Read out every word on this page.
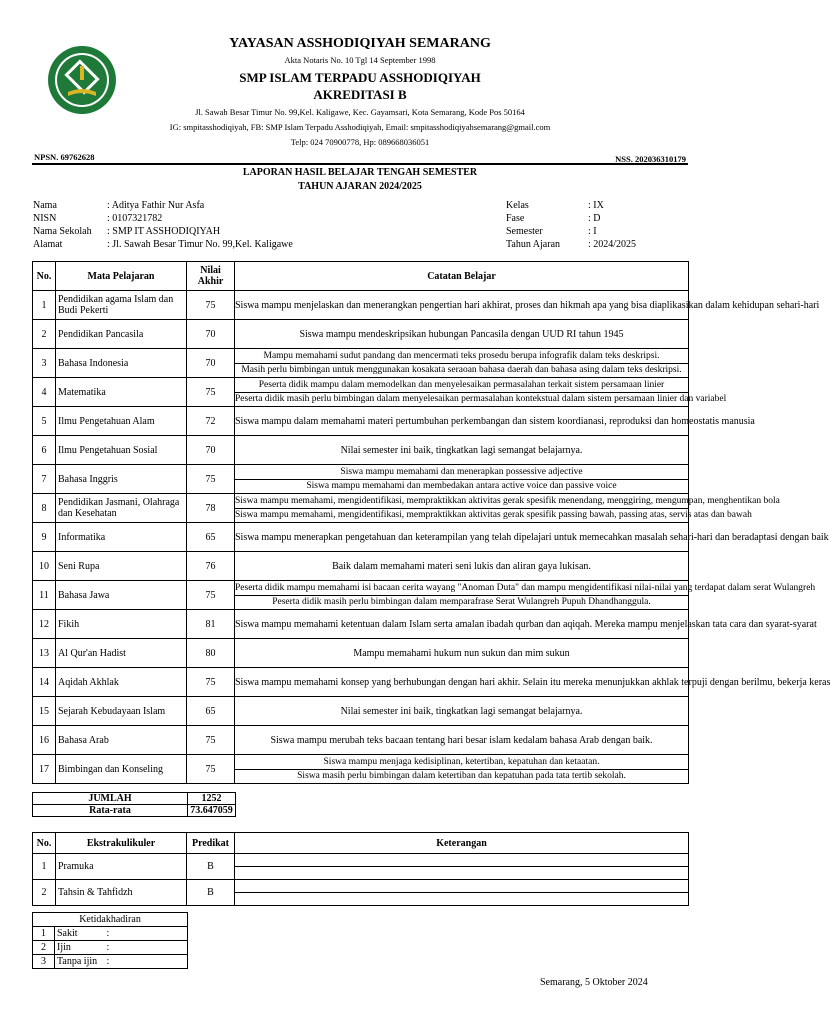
YAYASAN ASSHODIQIYAH SEMARANG
Akta Notaris No. 10 Tgl 14 September 1998
SMP ISLAM TERPADU ASSHODIQIYAH
AKREDITASI B
Jl. Sawah Besar Timur No. 99,Kel. Kaligawe, Kec. Gayamsari, Kota Semarang, Kode Pos 50164
IG: smpitasshodiqiyah, FB: SMP Islam Terpadu Asshodiqiyah, Email: smpitasshodiqiyahsemarang@gmail.com
Telp: 024 70900778, Hp: 089668036051
NPSN. 69762628	NSS. 202036310179
LAPORAN HASIL BELAJAR TENGAH SEMESTER
TAHUN AJARAN 2024/2025
Nama	: Aditya Fathir Nur Asfa
NISN	: 0107321782
Nama Sekolah : SMP IT ASSHODIQIYAH
Alamat	: Jl. Sawah Besar Timur No. 99,Kel. Kaligawe
Kelas	: IX
Fase	: D
Semester	: I
Tahun Ajaran	: 2024/2025
No.	Mata Pelajaran	Nilai Akhir	Catatan Belajar
1	Pendidikan agama Islam dan Budi Pekerti	75	Siswa mampu menjelaskan dan menerangkan pengertian hari akhirat, proses dan hikmah apa yang bisa diaplikasikan dalam kehidupan sehari-hari

2	Pendidikan Pancasila	70	Siswa mampu mendeskripsikan hubungan Pancasila dengan UUD RI tahun 1945

3	Bahasa Indonesia	70	Mampu memahami sudut pandang dan mencermati teks prosedu berupa infografik dalam teks deskripsi.
Masih perlu bimbingan untuk menggunakan kosakata seraoan bahasa daerah dan bahasa asing dalam teks deskripsi.

4	Matematika	75	Peserta didik mampu dalam memodelkan dan menyelesaikan permasalahan terkait sistem persamaan linier
Peserta didik masih perlu bimbingan dalam menyelesaikan permasalahan kontekstual dalam sistem persamaan linier dan variabel

5	Ilmu Pengetahuan Alam	72	Siswa mampu dalam memahami materi pertumbuhan perkembangan dan sistem koordianasi, reproduksi dan homeostatis manusia

6	Ilmu Pengetahuan Sosial	70	Nilai semester ini baik, tingkatkan lagi semangat belajarnya.

7	Bahasa Inggris	75	Siswa mampu memahami dan menerapkan possessive adjective
Siswa mampu memahami dan membedakan antara active voice dan passive voice

8	Pendidikan Jasmani, Olahraga dan Kesehatan	78	Siswa mampu memahami, mengidentifikasi, mempraktikkan aktivitas gerak spesifik menendang, menggiring, mengumpan, menghentikan bola
Siswa mampu memahami, mengidentifikasi, mempraktikkan aktivitas gerak spesifik passing bawah, passing atas, servis atas dan bawah

9	Informatika	65	Siswa mampu menerapkan pengetahuan dan keterampilan yang telah dipelajari untuk memecahkan masalah sehari-hari dan beradaptasi dengan baik

10	Seni Rupa	76	Baik dalam memahami materi seni lukis dan aliran gaya lukisan.

11	Bahasa Jawa	75	Peserta didik mampu memahami isi bacaan cerita wayang "Anoman Duta" dan mampu mengidentifikasi nilai-nilai yang terdapat dalam serat Wulangreh
Peserta didik masih perlu bimbingan dalam memparafrase Serat Wulangreh Pupuh Dhandhanggula.

12	Fikih	81	Siswa mampu memahami ketentuan dalam Islam serta amalan ibadah qurban dan aqiqah. Mereka mampu menjelaskan tata cara dan syarat-syarat

13	Al Qur'an Hadist	80	Mampu memahami hukum nun sukun dan mim sukun

14	Aqidah Akhlak	75	Siswa mampu memahami konsep yang berhubungan dengan hari akhir. Selain itu mereka menunjukkan akhlak terpuji dengan berilmu, bekerja keras

15	Sejarah Kebudayaan Islam	65	Nilai semester ini baik, tingkatkan lagi semangat belajarnya.

16	Bahasa Arab	75	Siswa mampu merubah teks bacaan tentang hari besar islam kedalam bahasa Arab dengan baik.

17	Bimbingan dan Konseling	75	Siswa mampu menjaga kedisiplinan, ketertiban, kepatuhan dan ketaatan.
Siswa masih perlu bimbingan dalam ketertiban dan kepatuhan pada tata tertib sekolah.
JUMLAH	1252
Rata-rata	73.647059
No.	Ekstrakulikuler	Predikat	Keterangan
1	Pramuka	B	

2	Tahsin & Tahfidzh	B	
Ketidakhadiran		
1	Sakit	:
2	Ijin	:
3	Tanpa ijin	:
Semarang, 5 Oktober 2024
